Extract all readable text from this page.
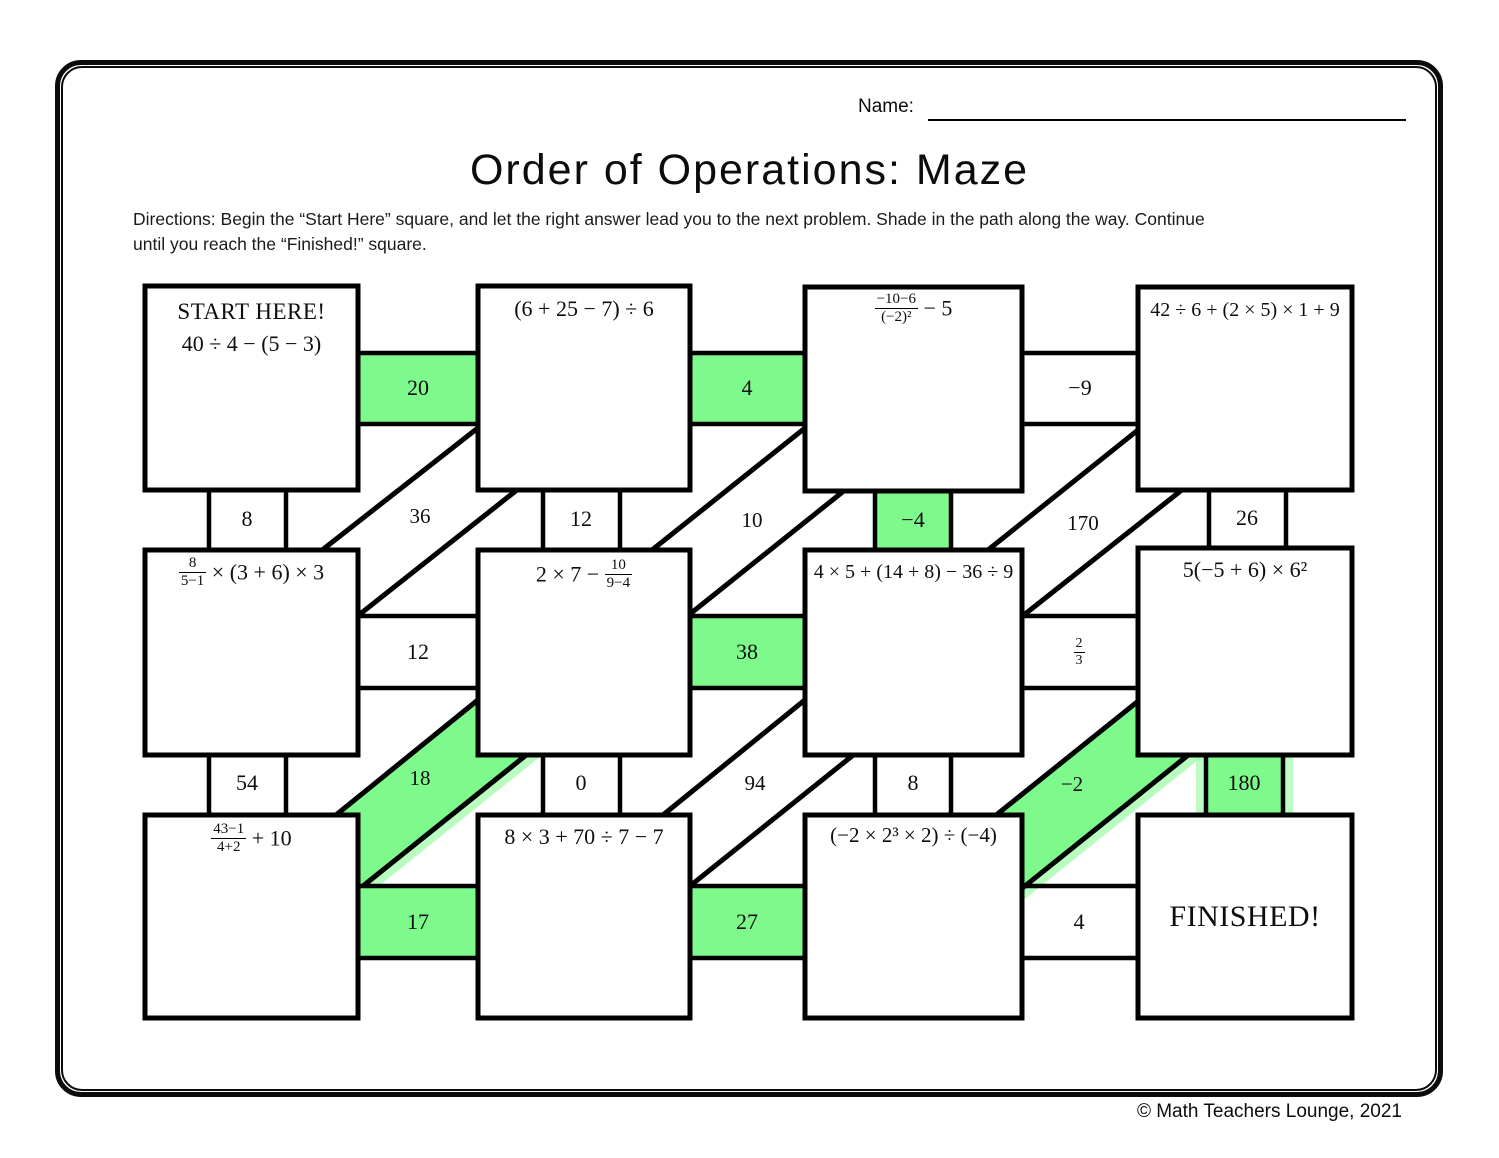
Name:
Order of Operations: Maze

Directions: Begin the “Start Here” square, and let the right answer lead you to the next problem. Shade in the path along the way. Continue
until you reach the “Finished!” square.

START HERE!
40 ÷ 4 − (5 − 3)
(6 + 25 − 7) ÷ 6	$\frac{-10-6}{\text{(−2)²}} - 5$	42 ÷ 6 + (2 × 5) × 1 + 9
$\frac{8}{5-1} \times (3 + 6) \times 3$	$2 \times 7 - \frac{10}{9-4}$	4 × 5 + (14 + 8) − 36 ÷ 9	5(−5 + 6) × 6²
$\frac{43-1}{4+2} + 10$	8 × 3 + 70 ÷ 7 − 7	(−2 × 2³ × 2) ÷ (−4)
FINISHED!
20	4	−9
8	12	−4	26
36	10	170
12	38	2
3
54	0	8	180
18	94	−2
17	27	4
© Math Teachers Lounge, 2021
